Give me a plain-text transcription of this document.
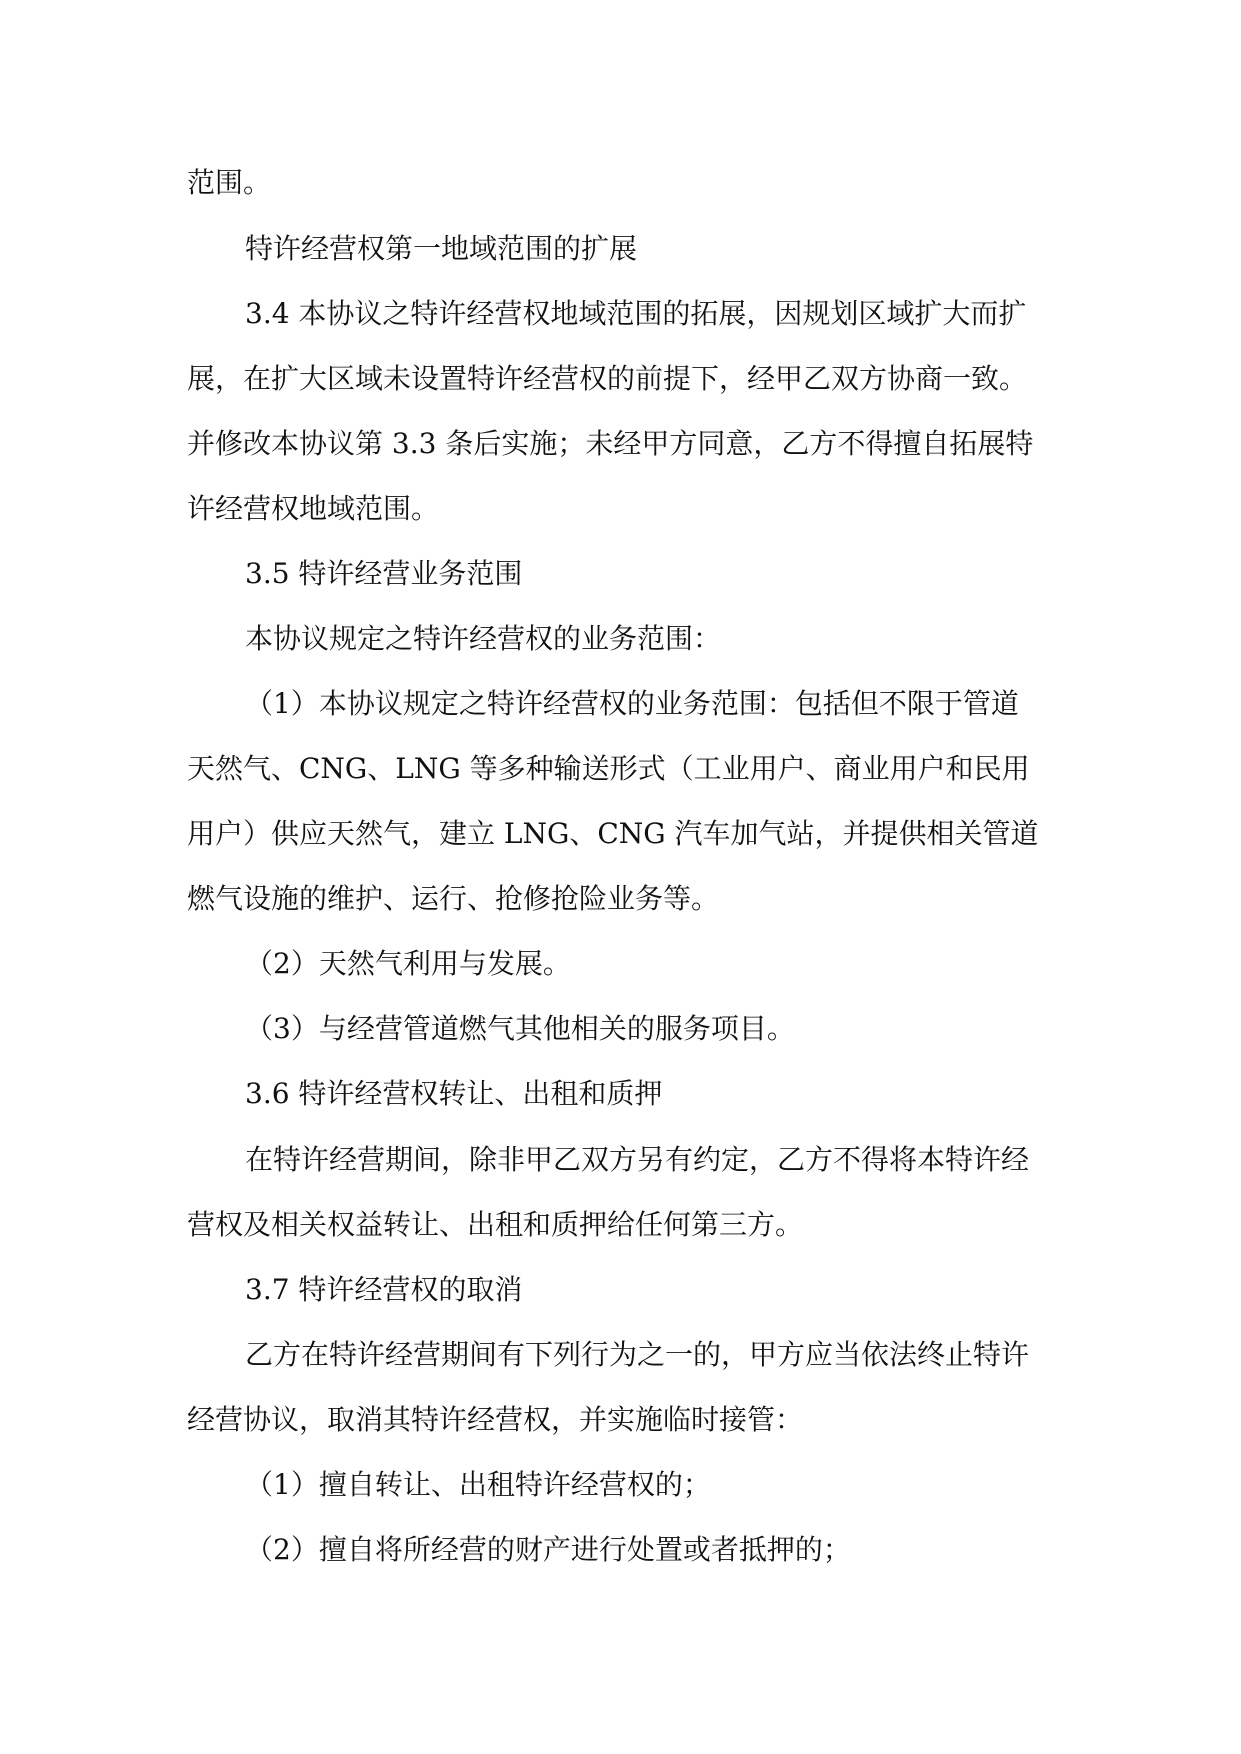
范围。
特许经营权第一地域范围的扩展
3.4 本协议之特许经营权地域范围的拓展，因规划区域扩大而扩
展，在扩大区域未设置特许经营权的前提下，经甲乙双方协商一致。
并修改本协议第 3.3 条后实施；未经甲方同意，乙方不得擅自拓展特
许经营权地域范围。
3.5 特许经营业务范围
本协议规定之特许经营权的业务范围：
（1）本协议规定之特许经营权的业务范围：包括但不限于管道
天然气、CNG、LNG 等多种输送形式（工业用户、商业用户和民用
用户）供应天然气，建立 LNG、CNG 汽车加气站，并提供相关管道
燃气设施的维护、运行、抢修抢险业务等。
（2）天然气利用与发展。
（3）与经营管道燃气其他相关的服务项目。
3.6 特许经营权转让、出租和质押
在特许经营期间，除非甲乙双方另有约定，乙方不得将本特许经
营权及相关权益转让、出租和质押给任何第三方。
3.7 特许经营权的取消
乙方在特许经营期间有下列行为之一的，甲方应当依法终止特许
经营协议，取消其特许经营权，并实施临时接管：
（1）擅自转让、出租特许经营权的；
（2）擅自将所经营的财产进行处置或者抵押的；
